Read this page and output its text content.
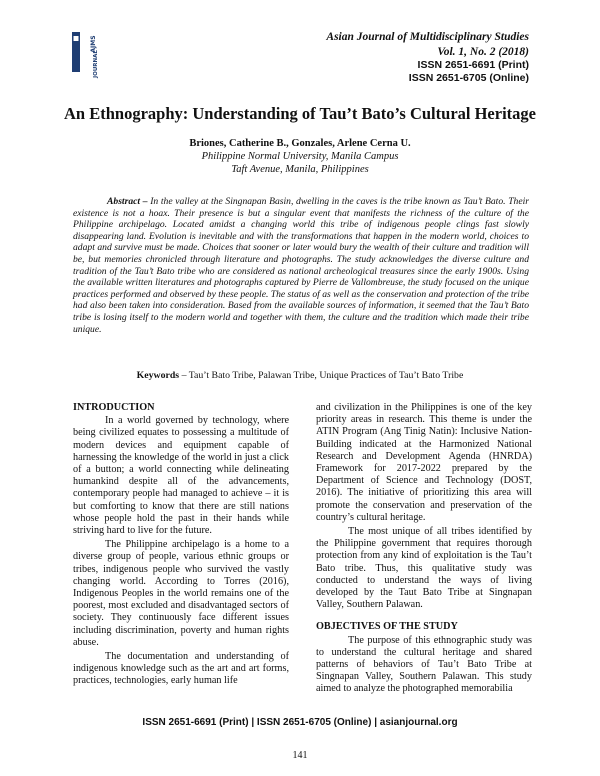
AJMS
AJMS
JOURNAL
Asian Journal of Multidisciplinary Studies
Vol. 1, No. 2 (2018)
ISSN 2651-6691 (Print)
ISSN 2651-6705 (Online)
An Ethnography: Understanding of Tau’t Bato’s Cultural Heritage
Briones, Catherine B., Gonzales, Arlene Cerna U.
Philippine Normal University, Manila Campus
Taft Avenue, Manila, Philippines
Abstract – In the valley at the Singnapan Basin, dwelling in the caves is the tribe known as Tau’t Bato. Their existence is not a hoax. Their presence is but a singular event that manifests the richness of the culture of the Philippine archipelago. Located amidst a changing world this tribe of indigenous people clings fast slowly disappearing land. Evolution is inevitable and with the transformations that happen in the modern world, choices to adapt and survive must be made. Choices that sooner or later would bury the wealth of their culture and tradition will be, but memories chronicled through literature and photographs. The study acknowledges the diverse culture and tradition of the Tau’t Bato tribe who are considered as national archeological treasures since the early 1900s. Using the available written literatures and photographs captured by Pierre de Vallombreuse, the study focused on the unique practices performed and observed by these people. The status of as well as the conservation and protection of the tribe had also been taken into consideration. Based from the available sources of information, it seemed that the Tau’t Bato tribe is losing itself to the modern world and together with them, the culture and the tradition which made their tribe unique.
Keywords – Tau’t Bato Tribe, Palawan Tribe, Unique Practices of Tau’t Bato Tribe
INTRODUCTION

In a world governed by technology, where being civilized equates to possessing a multitude of modern devices and equipment capable of harnessing the knowledge of the world in just a click of a button; a world connecting while delineating humankind despite all of the advancements, contemporary people had managed to achieve – it is but comforting to know that there are still nations whose people hold the past in their hands while striving hard to live for the future.

The Philippine archipelago is a home to a diverse group of people, various ethnic groups or tribes, indigenous people who survived the vastly changing world. According to Torres (2016), Indigenous Peoples in the world remains one of the poorest, most excluded and disadvantaged sectors of society. They continuously face different issues including discrimination, poverty and human rights abuse.

The documentation and understanding of indigenous knowledge such as the art and art forms, practices, technologies, early human life

and civilization in the Philippines is one of the key priority areas in research. This theme is under the ATIN Program (Ang Tinig Natin): Inclusive Nation-Building indicated at the Harmonized National Research and Development Agenda (HNRDA) Framework for 2017-2022 prepared by the Department of Science and Technology (DOST, 2016). The initiative of prioritizing this area will promote the conservation and preservation of the country’s cultural heritage.

The most unique of all tribes identified by the Philippine government that requires thorough protection from any kind of exploitation is the Tau’t Bato tribe. Thus, this qualitative study was conducted to understand the ways of living developed by the Taut Bato Tribe at Singnapan Valley, Southern Palawan.

OBJECTIVES OF THE STUDY

The purpose of this ethnographic study was to understand the cultural heritage and shared patterns of behaviors of Tau’t Bato Tribe at Singnapan Valley, Southern Palawan. This study aimed to analyze the photographed memorabilia

ISSN 2651-6691 (Print) | ISSN 2651-6705 (Online) | asianjournal.org
141
